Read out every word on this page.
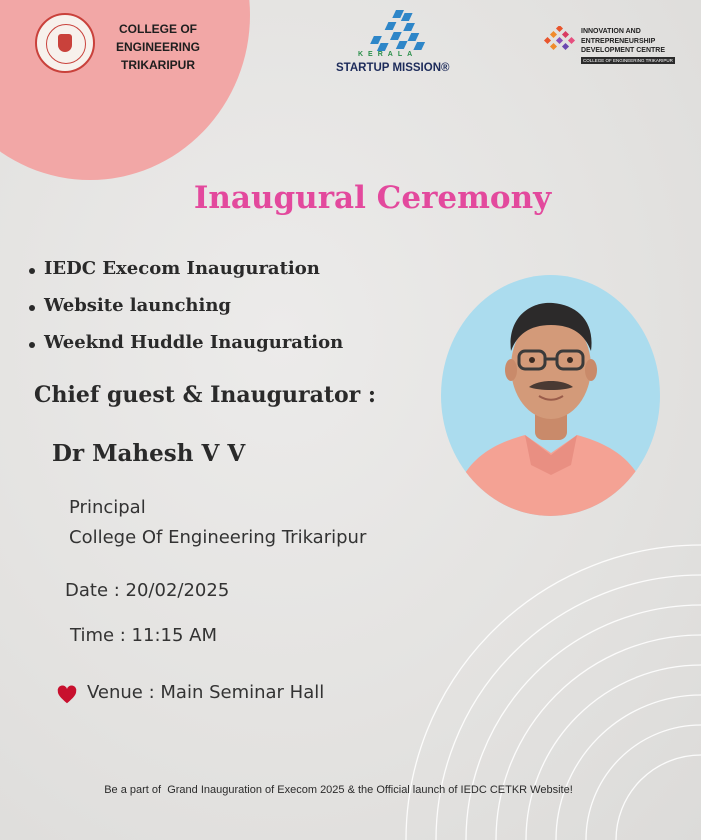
COLLEGE OF
ENGINEERING
TRIKARIPUR
KERALA
STARTUP MISSION®
INNOVATION AND
ENTREPRENEURSHIP
DEVELOPMENT CENTRE
COLLEGE OF ENGINEERING TRIKARIPUR
Inaugural Ceremony
IEDC Execom Inauguration
Website launching
Weeknd Huddle Inauguration
Chief guest & Inaugurator :
Dr Mahesh V V
Principal
College Of Engineering Trikaripur
Date : 20/02/2025
Time : 11:15 AM
Venue : Main Seminar Hall
Be a part of  Grand Inauguration of Execom 2025 & the Official launch of IEDC CETKR Website!
